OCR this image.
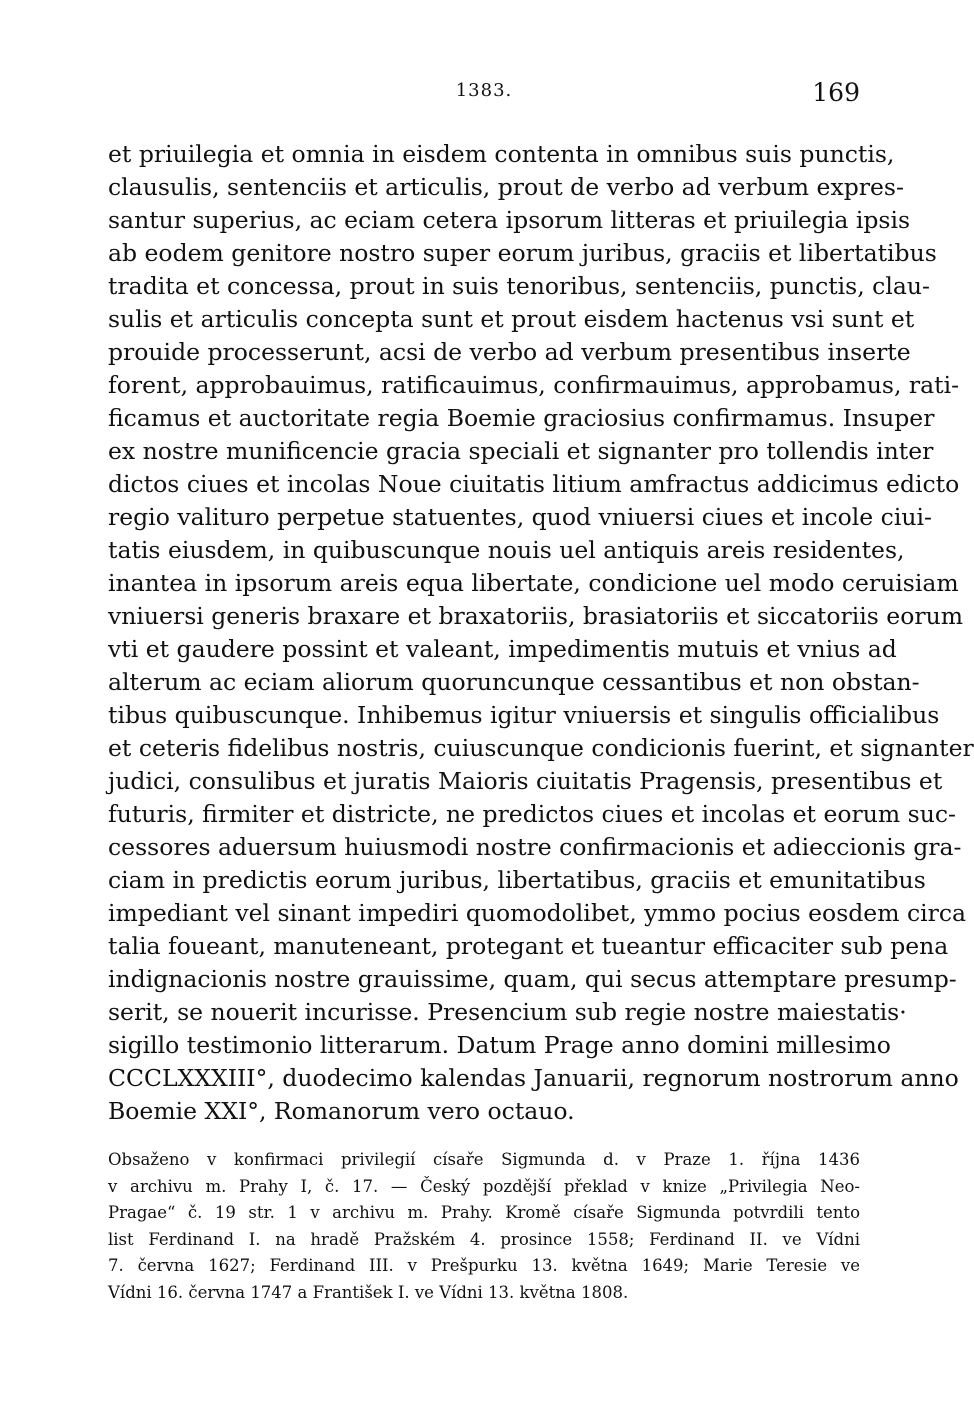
1383.	169
et priuilegia et omnia in eisdem contenta in omnibus suis punctis,
clausulis, sentenciis et articulis, prout de verbo ad verbum expres-
santur superius, ac eciam cetera ipsorum litteras et priuilegia ipsis
ab eodem genitore nostro super eorum juribus, graciis et libertatibus
tradita et concessa, prout in suis tenoribus, sentenciis, punctis, clau-
sulis et articulis concepta sunt et prout eisdem hactenus vsi sunt et
prouide processerunt, acsi de verbo ad verbum presentibus inserte
forent, approbauimus, ratificauimus, confirmauimus, approbamus, rati-
ficamus et auctoritate regia Boemie graciosius confirmamus. Insuper
ex nostre munificencie gracia speciali et signanter pro tollendis inter
dictos ciues et incolas Noue ciuitatis litium amfractus addicimus edicto
regio valituro perpetue statuentes, quod vniuersi ciues et incole ciui-
tatis eiusdem, in quibuscunque nouis uel antiquis areis residentes,
inantea in ipsorum areis equa libertate, condicione uel modo ceruisiam
vniuersi generis braxare et braxatoriis, brasiatoriis et siccatoriis eorum
vti et gaudere possint et valeant, impedimentis mutuis et vnius ad
alterum ac eciam aliorum quoruncunque cessantibus et non obstan-
tibus quibuscunque. Inhibemus igitur vniuersis et singulis officialibus
et ceteris fidelibus nostris, cuiuscunque condicionis fuerint, et signanter
judici, consulibus et juratis Maioris ciuitatis Pragensis, presentibus et
futuris, firmiter et districte, ne predictos ciues et incolas et eorum suc-
cessores aduersum huiusmodi nostre confirmacionis et adieccionis gra-
ciam in predictis eorum juribus, libertatibus, graciis et emunitatibus
impediant vel sinant impediri quomodolibet, ymmo pocius eosdem circa
talia foueant, manuteneant, protegant et tueantur efficaciter sub pena
indignacionis nostre grauissime, quam, qui secus attemptare presump-
serit, se nouerit incurisse. Presencium sub regie nostre maiestatis·
sigillo testimonio litterarum. Datum Prage anno domini millesimo
CCCLXXXIII°, duodecimo kalendas Januarii, regnorum nostrorum anno
Boemie XXI°, Romanorum vero octauo.
Obsaženo v konfirmaci privilegií císaře Sigmunda d. v Praze 1. října 1436
v archivu m. Prahy I, č. 17. — Český pozdější překlad v knize „Privilegia Neo-
Pragae“ č. 19 str. 1 v archivu m. Prahy. Kromě císaře Sigmunda potvrdili tento
list Ferdinand I. na hradě Pražském 4. prosince 1558; Ferdinand II. ve Vídni
7. června 1627; Ferdinand III. v Prešpurku 13. května 1649; Marie Teresie ve
Vídni 16. června 1747 a František I. ve Vídni 13. května 1808.
